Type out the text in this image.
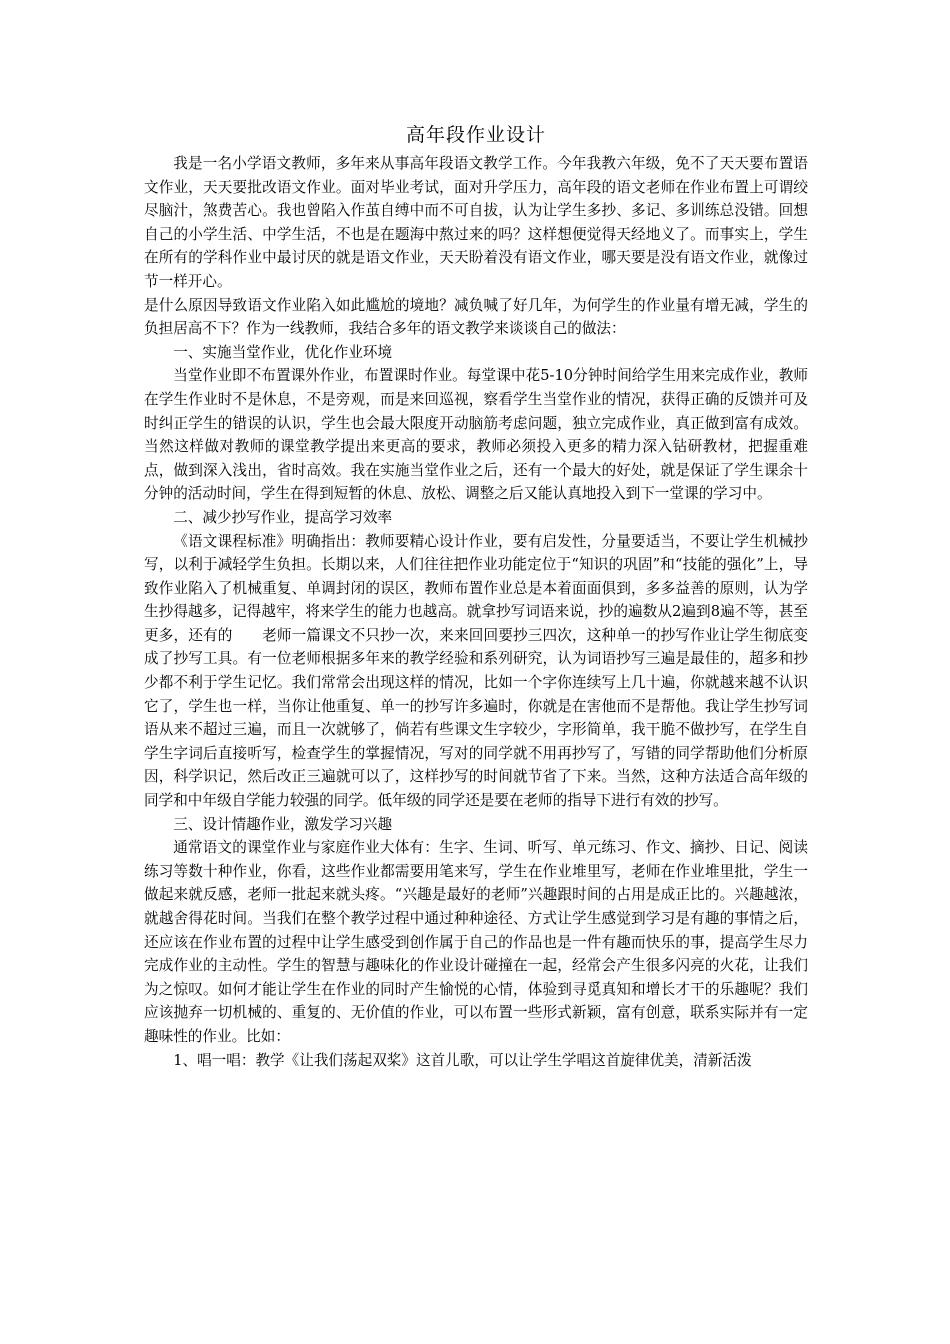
高年段作业设计

我是一名小学语文教师，多年来从事高年段语文教学工作。今年我教六年级，免不了天天要布置语文作业，天天要批改语文作业。面对毕业考试，面对升学压力，高年段的语文老师在作业布置上可谓绞尽脑汁，煞费苦心。我也曾陷入作茧自缚中而不可自拔，认为让学生多抄、多记、多训练总没错。回想自己的小学生活、中学生活，不也是在题海中熬过来的吗？这样想便觉得天经地义了。而事实上，学生在所有的学科作业中最讨厌的就是语文作业，天天盼着没有语文作业，哪天要是没有语文作业，就像过节一样开心。

是什么原因导致语文作业陷入如此尴尬的境地？减负喊了好几年，为何学生的作业量有增无减，学生的负担居高不下？作为一线教师，我结合多年的语文教学来谈谈自己的做法：

一、实施当堂作业，优化作业环境

当堂作业即不布置课外作业，布置课时作业。每堂课中花5-10分钟时间给学生用来完成作业，教师在学生作业时不是休息，不是旁观，而是来回巡视，察看学生当堂作业的情况，获得正确的反馈并可及时纠正学生的错误的认识，学生也会最大限度开动脑筋考虑问题，独立完成作业，真正做到富有成效。当然这样做对教师的课堂教学提出来更高的要求，教师必须投入更多的精力深入钻研教材，把握重难点，做到深入浅出，省时高效。我在实施当堂作业之后，还有一个最大的好处，就是保证了学生课余十分钟的活动时间，学生在得到短暂的休息、放松、调整之后又能认真地投入到下一堂课的学习中。

二、减少抄写作业，提高学习效率

《语文课程标准》明确指出：教师要精心设计作业，要有启发性，分量要适当，不要让学生机械抄写，以利于减轻学生负担。长期以来，人们往往把作业功能定位于“知识的巩固”和“技能的强化”上，导致作业陷入了机械重复、单调封闭的误区，教师布置作业总是本着面面俱到，多多益善的原则，认为学生抄得越多，记得越牢，将来学生的能力也越高。就拿抄写词语来说，抄的遍数从2遍到8遍不等，甚至更多，还有的　　老师一篇课文不只抄一次，来来回回要抄三四次，这种单一的抄写作业让学生彻底变成了抄写工具。有一位老师根据多年来的教学经验和系列研究，认为词语抄写三遍是最佳的，超多和抄少都不利于学生记忆。我们常常会出现这样的情况，比如一个字你连续写上几十遍，你就越来越不认识它了，学生也一样，当你让他重复、单一的抄写许多遍时，你就是在害他而不是帮他。我让学生抄写词语从来不超过三遍，而且一次就够了，倘若有些课文生字较少，字形简单，我干脆不做抄写，在学生自学生字词后直接听写，检查学生的掌握情况，写对的同学就不用再抄写了，写错的同学帮助他们分析原因，科学识记，然后改正三遍就可以了，这样抄写的时间就节省了下来。当然，这种方法适合高年级的同学和中年级自学能力较强的同学。低年级的同学还是要在老师的指导下进行有效的抄写。

三、设计情趣作业，激发学习兴趣

通常语文的课堂作业与家庭作业大体有：生字、生词、听写、单元练习、作文、摘抄、日记、阅读练习等数十种作业，你看，这些作业都需要用笔来写，学生在作业堆里写，老师在作业堆里批，学生一做起来就反感，老师一批起来就头疼。“兴趣是最好的老师”兴趣跟时间的占用是成正比的。兴趣越浓，就越舍得花时间。当我们在整个教学过程中通过种种途径、方式让学生感觉到学习是有趣的事情之后，还应该在作业布置的过程中让学生感受到创作属于自己的作品也是一件有趣而快乐的事，提高学生尽力完成作业的主动性。学生的智慧与趣味化的作业设计碰撞在一起，经常会产生很多闪亮的火花，让我们为之惊叹。如何才能让学生在作业的同时产生愉悦的心情，体验到寻觅真知和增长才干的乐趣呢？我们应该抛弃一切机械的、重复的、无价值的作业，可以布置一些形式新颖，富有创意，联系实际并有一定趣味性的作业。比如：

1、唱一唱：教学《让我们荡起双桨》这首儿歌，可以让学生学唱这首旋律优美，清新活泼
